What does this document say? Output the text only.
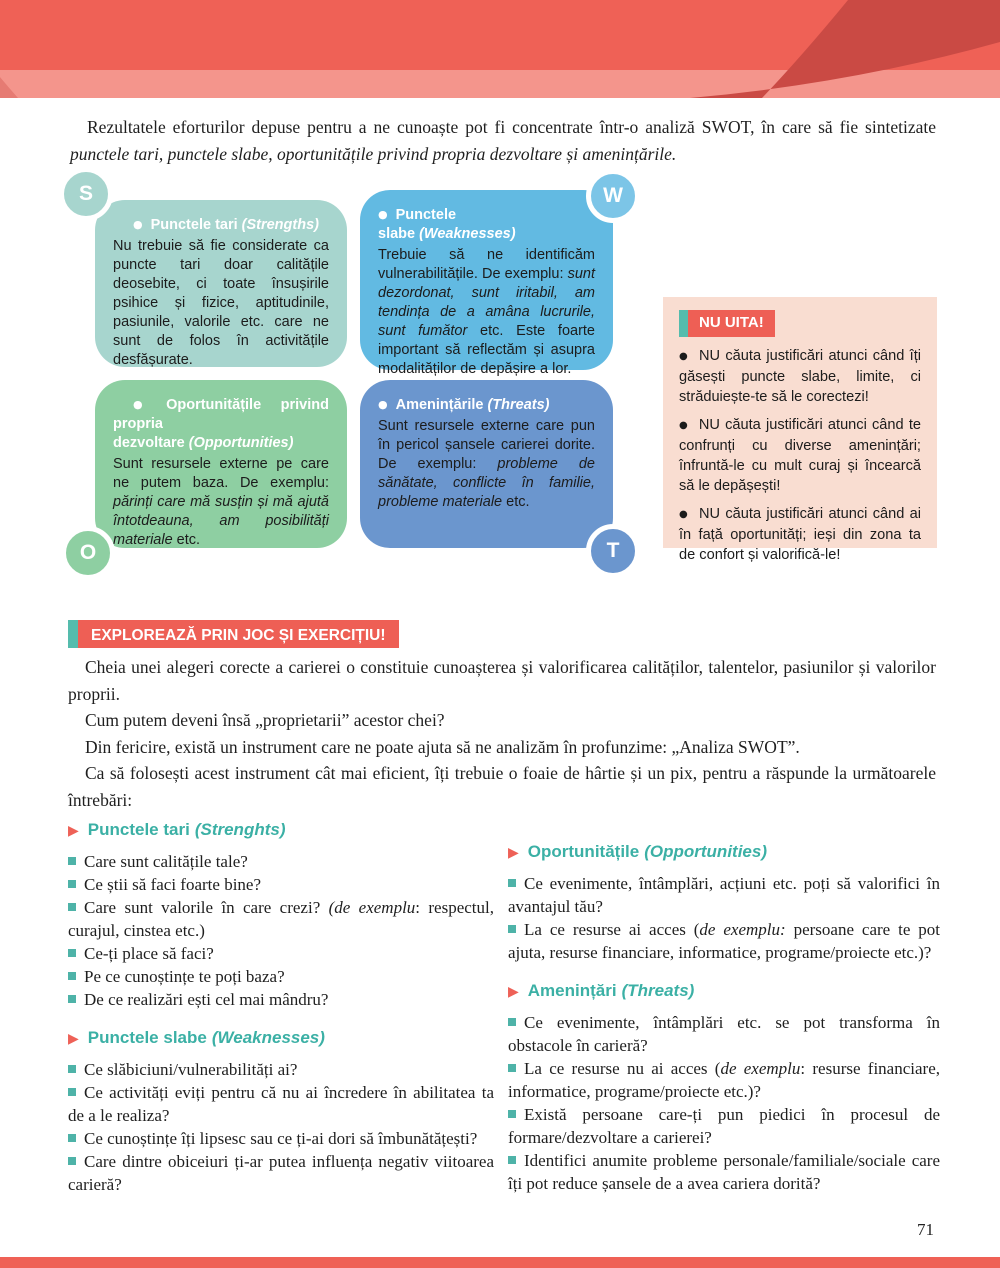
Rezultatele eforturilor depuse pentru a ne cunoaște pot fi concentrate într-o analiză SWOT, în care să fie sintetizate punctele tari, punctele slabe, oportunitățile privind propria dezvoltare și amenințările.

S	W
O	T

● Punctele tari (Strengths)

Nu trebuie să fie considerate ca puncte tari doar calitățile deosebite, ci toate însușirile psihice și fizice, aptitudinile, pasiunile, valorile etc. care ne sunt de folos în activitățile desfășurate.

● Punctele slabe (Weaknesses)

Trebuie să ne identificăm vulnerabilitățile. De exemplu: sunt dezordonat, sunt iritabil, am tendința de a amâna lucrurile, sunt fumător etc. Este foarte important să reflectăm și asupra modalităților de depășire a lor.

● Oportunitățile privind propria dezvoltare (Opportunities)

Sunt resursele externe pe care ne putem baza. De exemplu: părinți care mă susțin și mă ajută întotdeauna, am posibilități materiale etc.

● Amenințările (Threats)

Sunt resursele externe care pun în pericol șansele carierei dorite. De exemplu: probleme de sănătate, conflicte în familie, probleme materiale etc.

NU UITA!

● NU căuta justificări atunci când îți găsești puncte slabe, limite, ci străduiește-te să le corectezi!

● NU căuta justificări atunci când te confrunți cu diverse amenințări; înfruntă-le cu mult curaj și încearcă să le depășești!

● NU căuta justificări atunci când ai în față oportunități; ieși din zona ta de confort și valorifică-le!

EXPLOREAZĂ PRIN JOC ȘI EXERCIȚIU!

Cheia unei alegeri corecte a carierei o constituie cunoașterea și valorificarea calităților, talentelor, pasiunilor și valorilor proprii.

Cum putem deveni însă „proprietarii” acestor chei?

Din fericire, există un instrument care ne poate ajuta să ne analizăm în profunzime: „Analiza SWOT”.

Ca să folosești acest instrument cât mai eficient, îți trebuie o foaie de hârtie și un pix, pentru a răspunde la următoarele întrebări:

▶ Punctele tari (Strenghts)

Care sunt calitățile tale?

Ce știi să faci foarte bine?

Care sunt valorile în care crezi? (de exemplu: respectul, curajul, cinstea etc.)

Ce-ți place să faci?

Pe ce cunoștințe te poți baza?

De ce realizări ești cel mai mândru?

▶ Punctele slabe (Weaknesses)

Ce slăbiciuni/vulnerabilități ai?

Ce activități eviți pentru că nu ai încredere în abilitatea ta de a le realiza?

Ce cunoștințe îți lipsesc sau ce ți-ai dori să îmbunătățești?

Care dintre obiceiuri ți-ar putea influența negativ viitoarea carieră?

▶ Oportunitățile (Opportunities)

Ce evenimente, întâmplări, acțiuni etc. poți să valorifici în avantajul tău?

La ce resurse ai acces (de exemplu: persoane care te pot ajuta, resurse financiare, informatice, programe/proiecte etc.)?

▶ Amenințări (Threats)

Ce evenimente, întâmplări etc. se pot transforma în obstacole în carieră?

La ce resurse nu ai acces (de exemplu: resurse financiare, informatice, programe/proiecte etc.)?

Există persoane care-ți pun piedici în procesul de formare/dezvoltare a carierei?

Identifici anumite probleme personale/familiale/sociale care îți pot reduce șansele de a avea cariera dorită?

71
